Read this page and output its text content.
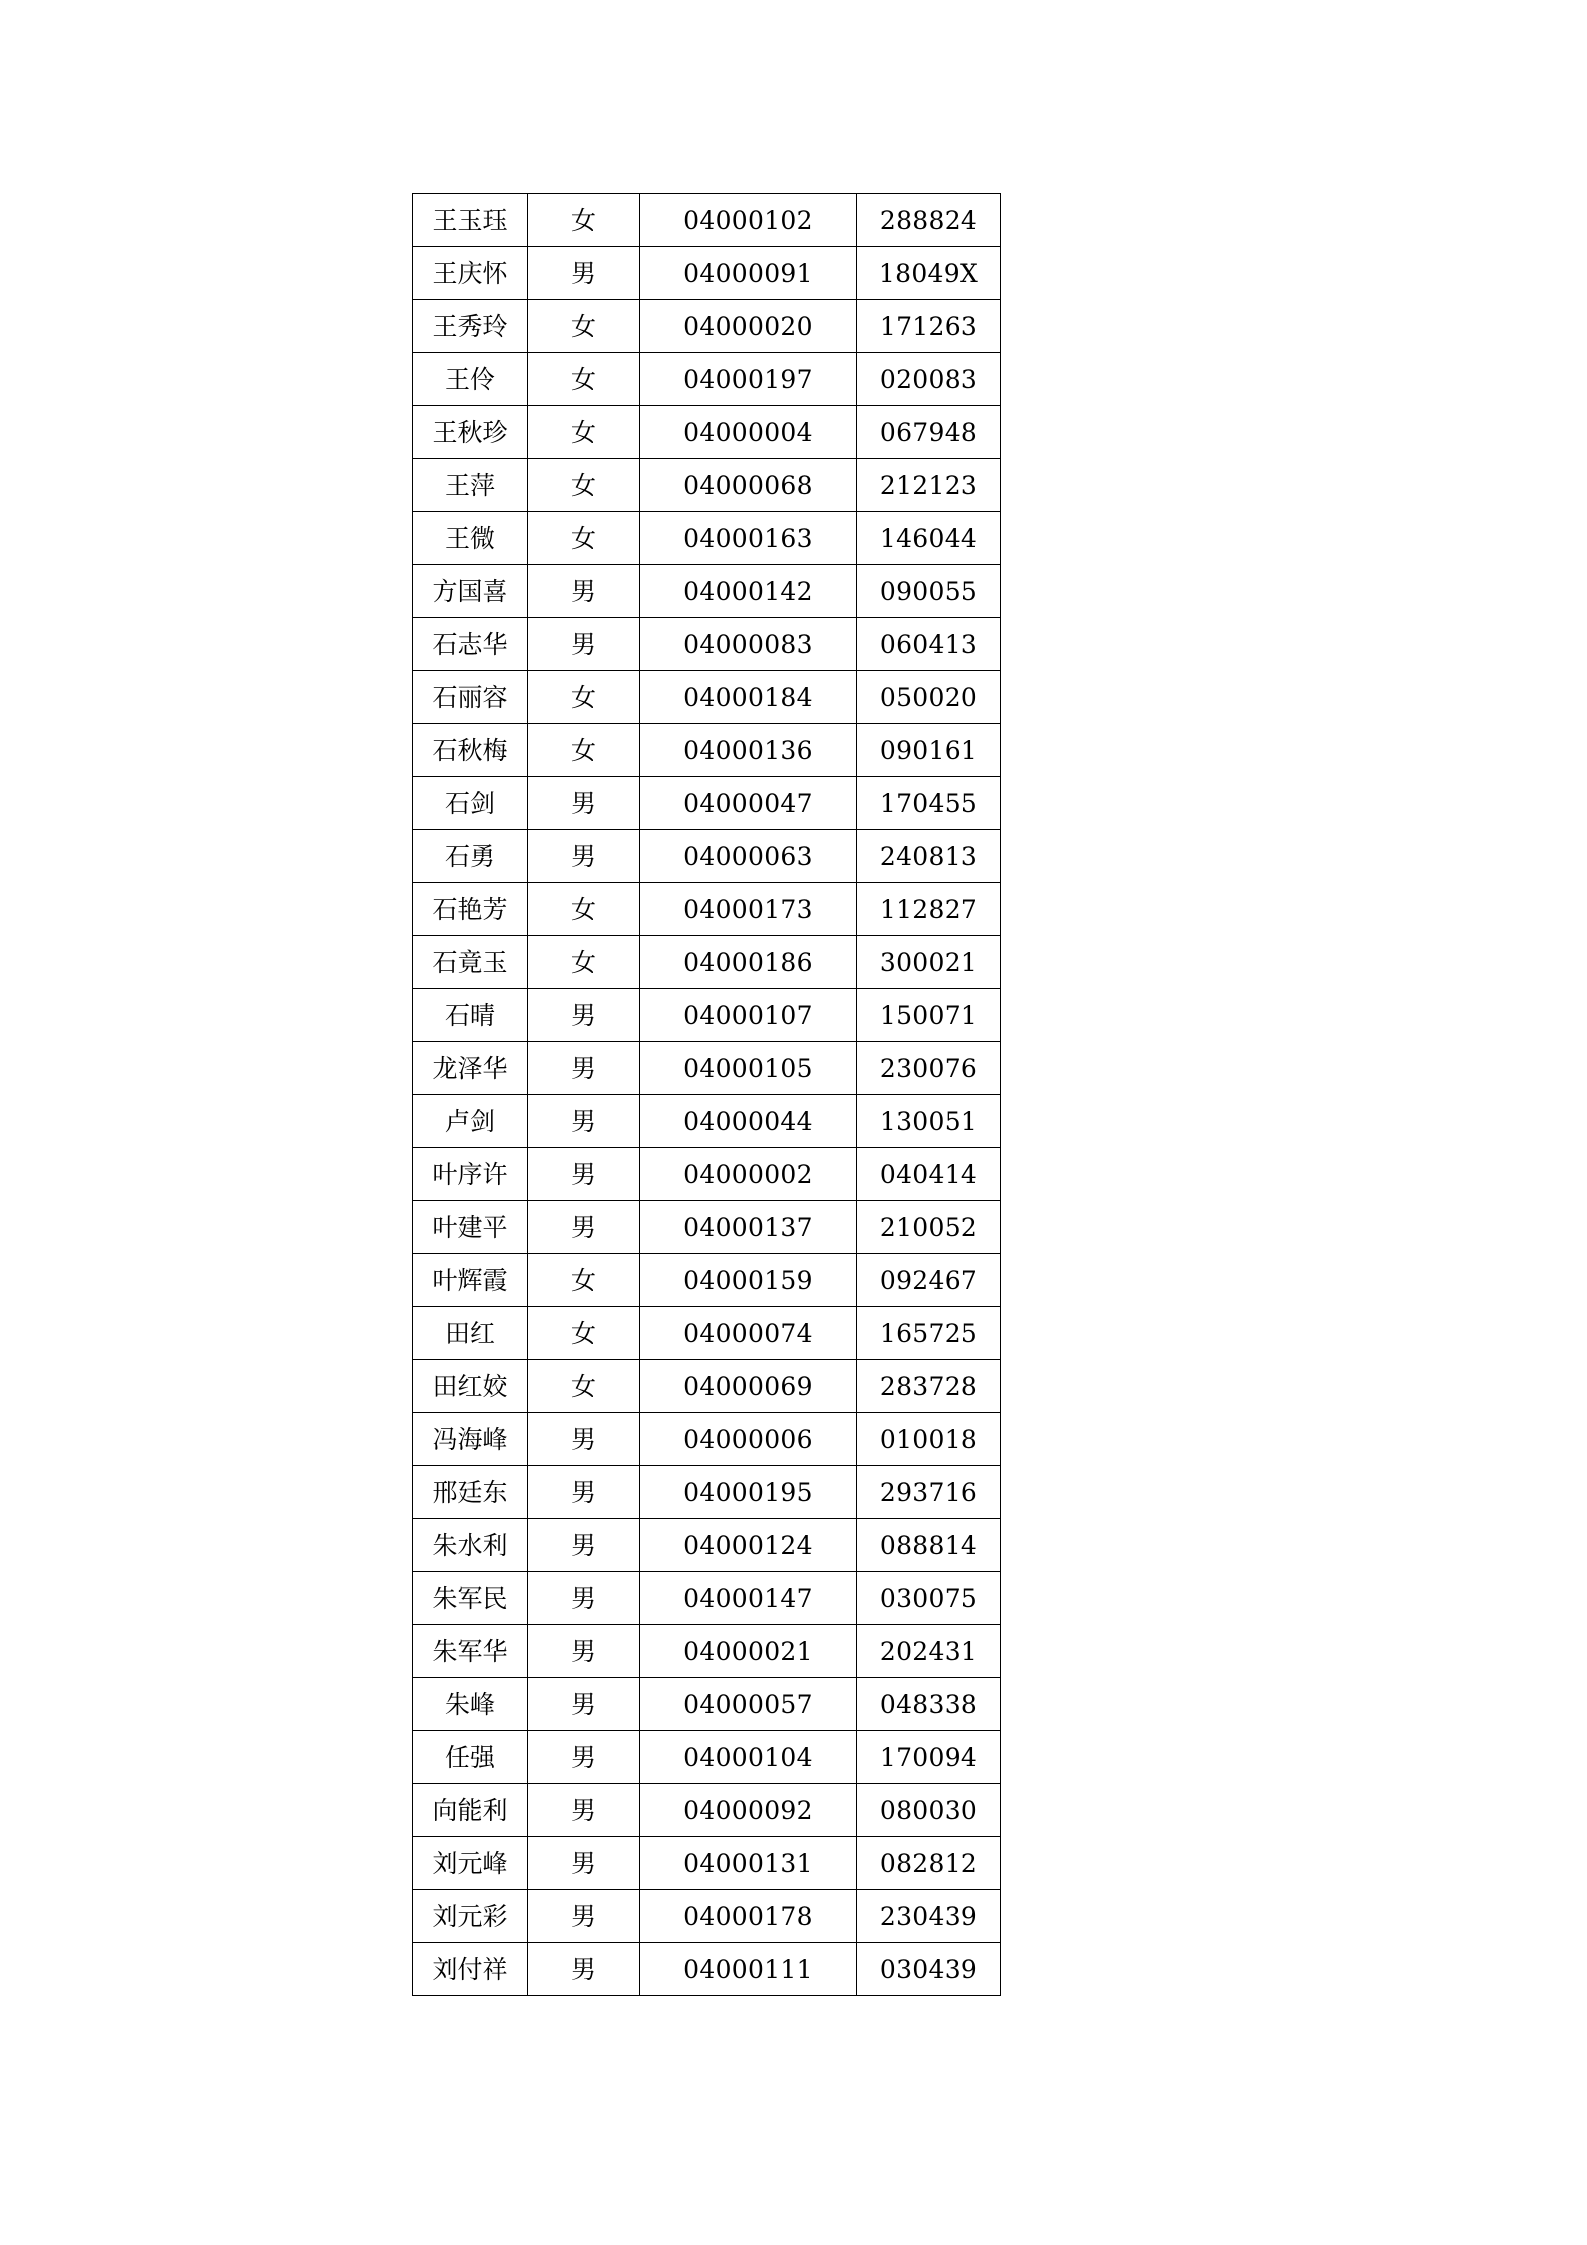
王玉珏	女	04000102	288824
王庆怀	男	04000091	18049X
王秀玲	女	04000020	171263
王伶	女	04000197	020083
王秋珍	女	04000004	067948
王萍	女	04000068	212123
王微	女	04000163	146044
方国喜	男	04000142	090055
石志华	男	04000083	060413
石丽容	女	04000184	050020
石秋梅	女	04000136	090161
石剑	男	04000047	170455
石勇	男	04000063	240813
石艳芳	女	04000173	112827
石竟玉	女	04000186	300021
石晴	男	04000107	150071
龙泽华	男	04000105	230076
卢剑	男	04000044	130051
叶序许	男	04000002	040414
叶建平	男	04000137	210052
叶辉霞	女	04000159	092467
田红	女	04000074	165725
田红姣	女	04000069	283728
冯海峰	男	04000006	010018
邢廷东	男	04000195	293716
朱水利	男	04000124	088814
朱军民	男	04000147	030075
朱军华	男	04000021	202431
朱峰	男	04000057	048338
任强	男	04000104	170094
向能利	男	04000092	080030
刘元峰	男	04000131	082812
刘元彩	男	04000178	230439
刘付祥	男	04000111	030439
